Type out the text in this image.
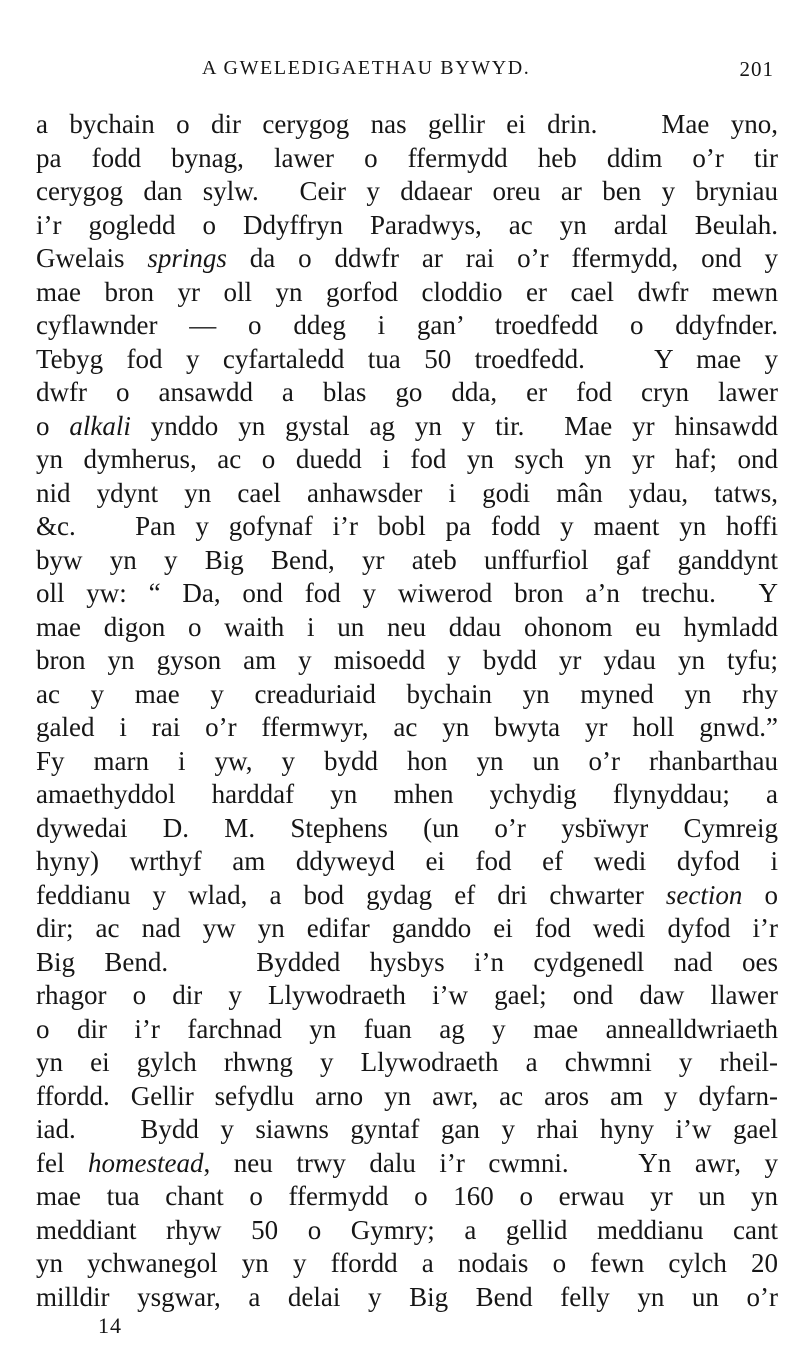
A GWELEDIGAETHAU BYWYD.	201
a bychain o dir cerygog nas gellir ei drin.   Mae yno,
pa fodd bynag, lawer o ffermydd heb ddim o’r tir
cerygog dan sylw.  Ceir y ddaear oreu ar ben y bryniau
i’r gogledd o Ddyffryn Paradwys, ac yn ardal Beulah.
Gwelais springs da o ddwfr ar rai o’r ffermydd, ond y
mae bron yr oll yn gorfod cloddio er cael dwfr mewn
cyflawnder — o ddeg i gan’ troedfedd o ddyfnder.
Tebyg fod y cyfartaledd tua 50 troedfedd.   Y mae y
dwfr o ansawdd a blas go dda, er fod cryn lawer
o alkali ynddo yn gystal ag yn y tir.  Mae yr hinsawdd
yn dymherus, ac o duedd i fod yn sych yn yr haf; ond
nid ydynt yn cael anhawsder i godi mân ydau, tatws,
&c.   Pan y gofynaf i’r bobl pa fodd y maent yn hoffi
byw yn y Big Bend, yr ateb unffurfiol gaf ganddynt
oll yw: “ Da, ond fod y wiwerod bron a’n trechu.  Y
mae digon o waith i un neu ddau ohonom eu hymladd
bron yn gyson am y misoedd y bydd yr ydau yn tyfu;
ac y mae y creaduriaid bychain yn myned yn rhy
galed i rai o’r ffermwyr, ac yn bwyta yr holl gnwd.”
Fy marn i yw, y bydd hon yn un o’r rhanbarthau
amaethyddol harddaf yn mhen ychydig flynyddau; a
dywedai D. M. Stephens (un o’r ysbïwyr Cymreig
hyny) wrthyf am ddyweyd ei fod ef wedi dyfod i
feddianu y wlad, a bod gydag ef dri chwarter section o
dir; ac nad yw yn edifar ganddo ei fod wedi dyfod i’r
Big Bend.   Bydded hysbys i’n cydgenedl nad oes
rhagor o dir y Llywodraeth i’w gael; ond daw llawer
o dir i’r farchnad yn fuan ag y mae annealldwriaeth
yn ei gylch rhwng y Llywodraeth a chwmni y rheil-
ffordd. Gellir sefydlu arno yn awr, ac aros am y dyfarn-
iad.   Bydd y siawns gyntaf gan y rhai hyny i’w gael
fel homestead, neu trwy dalu i’r cwmni.   Yn awr, y
mae tua chant o ffermydd o 160 o erwau yr un yn
meddiant rhyw 50 o Gymry; a gellid meddianu cant
yn ychwanegol yn y ffordd a nodais o fewn cylch 20
milldir ysgwar, a delai y Big Bend felly yn un o’r
14
